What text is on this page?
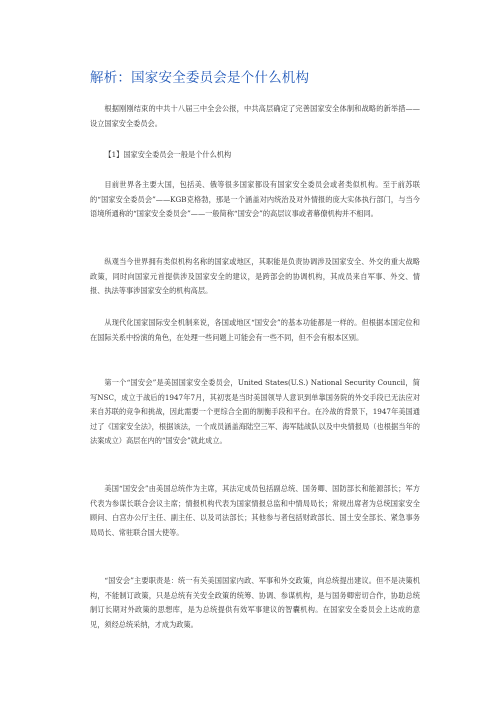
解析：国家安全委员会是个什么机构

根据刚刚结束的中共十八届三中全会公报，中共高层确定了完善国家安全体制和战略的新举措——设立国家安全委员会。

【1】国家安全委员会一般是个什么机构

目前世界各主要大国，包括美、俄等很多国家都设有国家安全委员会或者类似机构。至于前苏联的“国家安全委员会”——KGB克格勃，那是一个涵盖对内统治及对外情报的庞大实体执行部门，与当今语境所通称的“国家安全委员会”——一般简称“国安会”的高层议事或者幕僚机构并不相同。

纵观当今世界拥有类似机构名称的国家或地区，其职能是负责协调涉及国家安全、外交的重大战略政策，同时向国家元首提供涉及国家安全的建议，是跨部会的协调机构，其成员来自军事、外交、情报、执法等事涉国家安全的机构高层。

从现代化国家国际安全机制来说，各国或地区“国安会”的基本功能都是一样的。但根据本国定位和在国际关系中扮演的角色，在处理一些问题上可能会有一些不同，但不会有根本区别。

第一个“国安会”是美国国家安全委员会，United States(U.S.) National Security Council，简写NSC，成立于战后的1947年7月，其初衷是当时美国领导人意识到单靠国务院的外交手段已无法应对来自苏联的竞争和挑战，因此需要一个更综合全面的制衡手段和平台。在冷战的背景下，1947年美国通过了《国家安全法》，根据该法，一个成员涵盖海陆空三军、海军陆战队以及中央情报局（也根据当年的法案成立）高层在内的“国安会”就此成立。

美国“国安会”由美国总统作为主席，其法定成员包括副总统、国务卿、国防部长和能源部长；军方代表为参谋长联合会议主席；情报机构代表为国家情报总监和中情局局长；常规出席者为总统国家安全顾问、白宫办公厅主任、副主任、以及司法部长；其他参与者包括财政部长、国土安全部长、紧急事务局局长、常驻联合国大使等。

“国安会”主要职责是：统一有关美国国家内政、军事和外交政策，向总统提出建议。但不是决策机构，不能制订政策，只是总统有关安全政策的统筹、协调、参谋机构，是与国务卿密切合作，协助总统制订长期对外政策的思想库，是为总统提供有效军事建议的智囊机构。在国家安全委员会上达成的意见，须经总统采纳，才成为政策。
